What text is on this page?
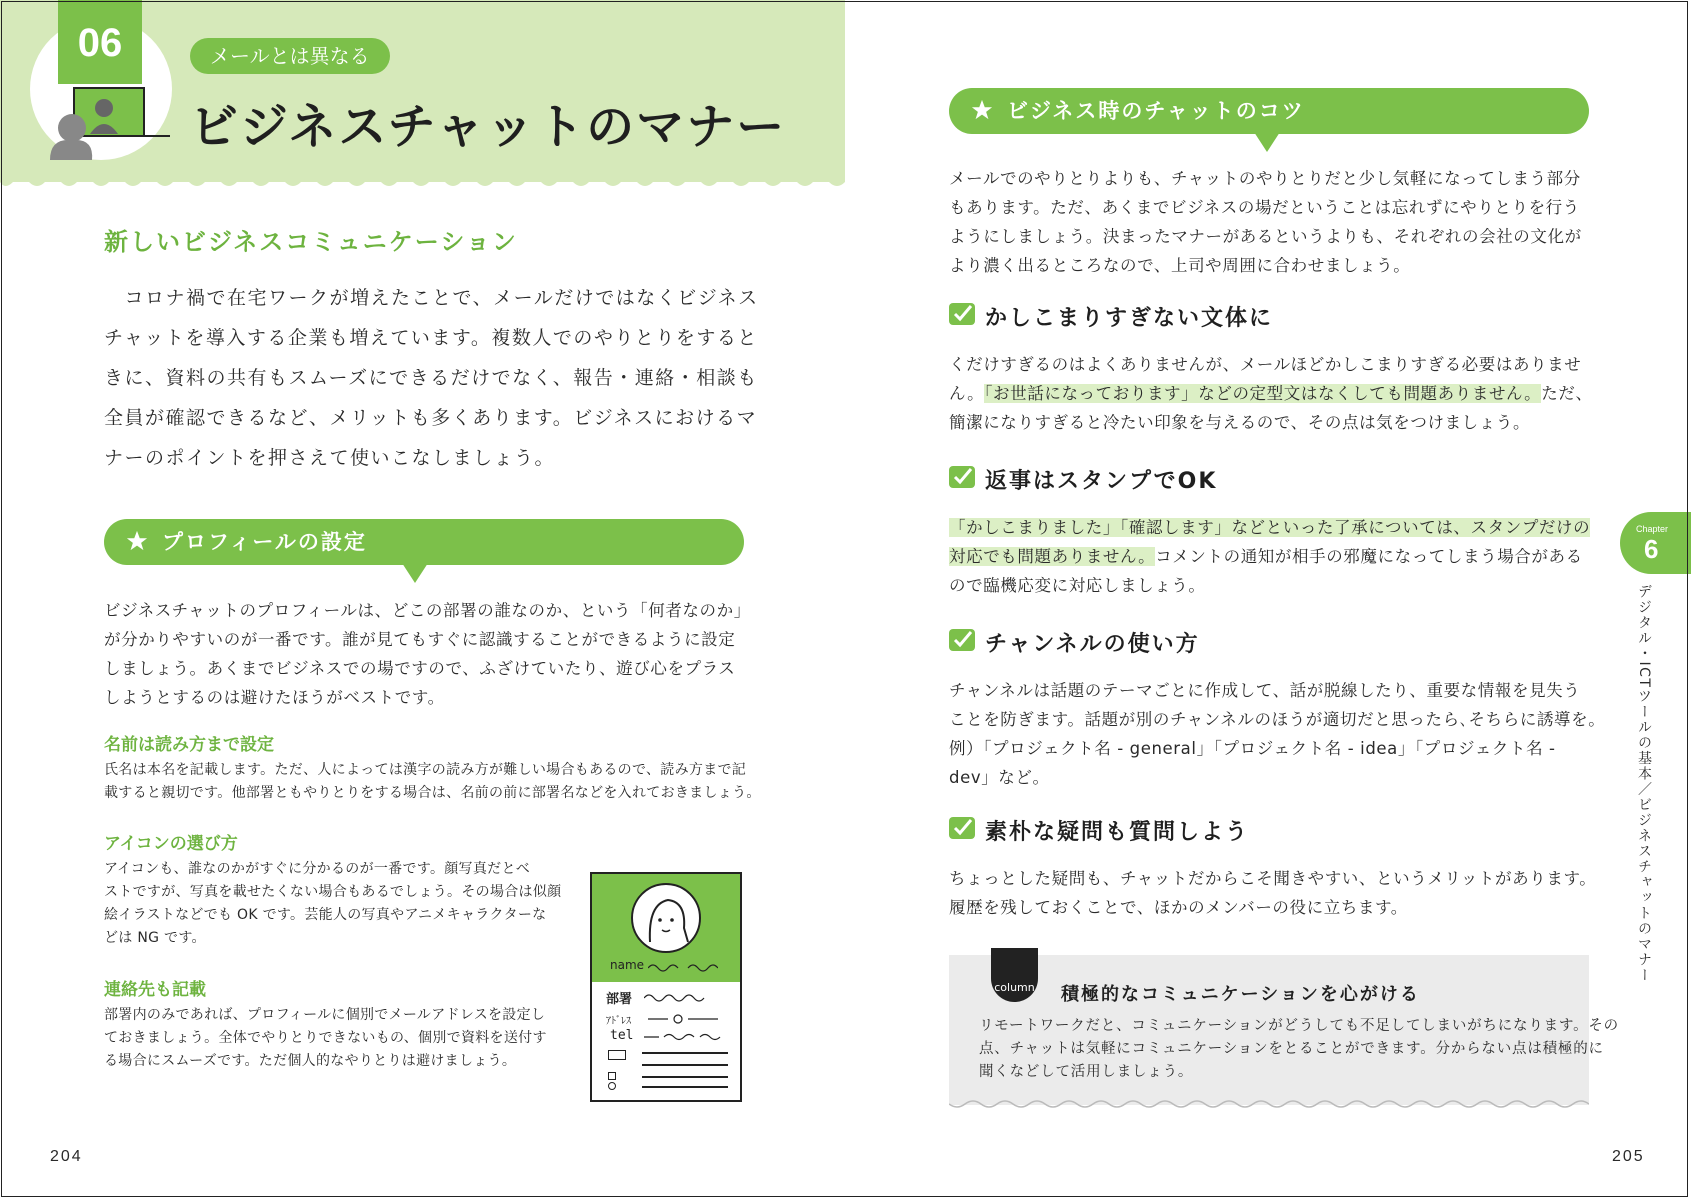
06	メールとは異なる
ビジネスチャットのマナー
新しいビジネスコミュニケーション
　コロナ禍で在宅ワークが増えたことで、メールだけではなくビジネス
チャットを導入する企業も増えています。複数人でのやりとりをすると
きに、資料の共有もスムーズにできるだけでなく、報告・連絡・相談も
全員が確認できるなど、メリットも多くあります。ビジネスにおけるマ
ナーのポイントを押さえて使いこなしましょう。
プロフィールの設定
ビジネスチャットのプロフィールは、どこの部署の誰なのか、という「何者なのか」
が分かりやすいのが一番です。誰が見てもすぐに認識することができるように設定
しましょう。あくまでビジネスでの場ですので、ふざけていたり、遊び心をプラス
しようとするのは避けたほうがベストです。
名前は読み方まで設定
氏名は本名を記載します。ただ、人によっては漢字の読み方が難しい場合もあるので、読み方まで記
載すると親切です。他部署ともやりとりをする場合は、名前の前に部署名などを入れておきましょう。
アイコンの選び方
アイコンも、誰なのかがすぐに分かるのが一番です。顔写真だとベ
ストですが、写真を載せたくない場合もあるでしょう。その場合は似顔
絵イラストなどでも OK です。芸能人の写真やアニメキャラクターな
どは NG です。
連絡先も記載
部署内のみであれば、プロフィールに個別でメールアドレスを設定し
ておきましょう。全体でやりとりできないもの、個別で資料を送付す
る場合にスムーズです。ただ個人的なやりとりは避けましょう。
name
部署
ｱﾄﾞﾚｽ
tel
204
ビジネス時のチャットのコツ
メールでのやりとりよりも、チャットのやりとりだと少し気軽になってしまう部分
もあります。ただ、あくまでビジネスの場だということは忘れずにやりとりを行う
ようにしましょう。決まったマナーがあるというよりも、それぞれの会社の文化が
より濃く出るところなので、上司や周囲に合わせましょう。
かしこまりすぎない文体に
くだけすぎるのはよくありませんが、メールほどかしこまりすぎる必要はありませ
ん。「お世話になっております」などの定型文はなくしても問題ありません。ただ、
簡潔になりすぎると冷たい印象を与えるので、その点は気をつけましょう。
返事はスタンプでOK
「かしこまりました」「確認します」などといった了承については、スタンプだけの
対応でも問題ありません。コメントの通知が相手の邪魔になってしまう場合がある
ので臨機応変に対応しましょう。
チャンネルの使い方
チャンネルは話題のテーマごとに作成して、話が脱線したり、重要な情報を見失う
ことを防ぎます。話題が別のチャンネルのほうが適切だと思ったら､そちらに誘導を。
例）「プロジェクト名 - general」「プロジェクト名 - idea」「プロジェクト名 -
dev」など。
素朴な疑問も質問しよう
ちょっとした疑問も、チャットだからこそ聞きやすい、というメリットがあります。
履歴を残しておくことで、ほかのメンバーの役に立ちます。
column 積極的なコミュニケーションを心がける
リモートワークだと、コミュニケーションがどうしても不足してしまいがちになります。その
点、チャットは気軽にコミュニケーションをとることができます。分からない点は積極的に
聞くなどして活用しましょう。
Chapter
6
デジタル・ICTツールの基本／ビジネスチャットのマナー
205
